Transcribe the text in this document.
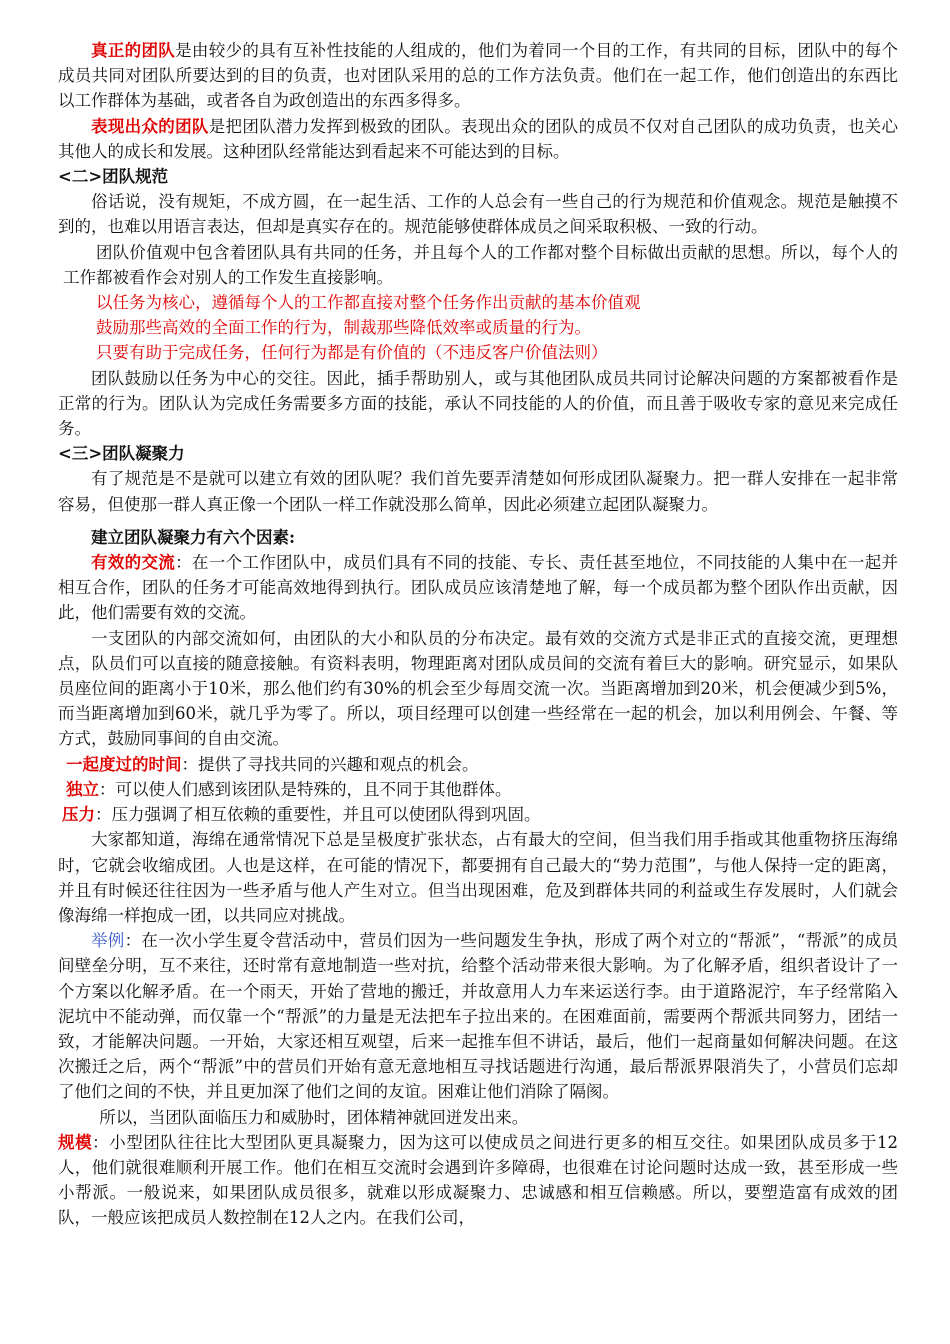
真正的团队是由较少的具有互补性技能的人组成的，他们为着同一个目的工作，有共同的目标，团队中的每个成员共同对团队所要达到的目的负责，也对团队采用的总的工作方法负责。他们在一起工作，他们创造出的东西比以工作群体为基础，或者各自为政创造出的东西多得多。

表现出众的团队是把团队潜力发挥到极致的团队。表现出众的团队的成员不仅对自己团队的成功负责，也关心其他人的成长和发展。这种团队经常能达到看起来不可能达到的目标。

<二>团队规范

俗话说，没有规矩，不成方圆，在一起生活、工作的人总会有一些自己的行为规范和价值观念。规范是触摸不到的，也难以用语言表达，但却是真实存在的。规范能够使群体成员之间采取积极、一致的行动。

团队价值观中包含着团队具有共同的任务，并且每个人的工作都对整个目标做出贡献的思想。所以，每个人的工作都被看作会对别人的工作发生直接影响。

以任务为核心，遵循每个人的工作都直接对整个任务作出贡献的基本价值观

鼓励那些高效的全面工作的行为，制裁那些降低效率或质量的行为。

只要有助于完成任务，任何行为都是有价值的（不违反客户价值法则）

团队鼓励以任务为中心的交往。因此，插手帮助别人，或与其他团队成员共同讨论解决问题的方案都被看作是正常的行为。团队认为完成任务需要多方面的技能，承认不同技能的人的价值，而且善于吸收专家的意见来完成任务。

<三>团队凝聚力

有了规范是不是就可以建立有效的团队呢？我们首先要弄清楚如何形成团队凝聚力。把一群人安排在一起非常容易，但使那一群人真正像一个团队一样工作就没那么简单，因此必须建立起团队凝聚力。

建立团队凝聚力有六个因素:

有效的交流：在一个工作团队中，成员们具有不同的技能、专长、责任甚至地位，不同技能的人集中在一起并相互合作，团队的任务才可能高效地得到执行。团队成员应该清楚地了解，每一个成员都为整个团队作出贡献，因此，他们需要有效的交流。

一支团队的内部交流如何，由团队的大小和队员的分布决定。最有效的交流方式是非正式的直接交流，更理想点，队员们可以直接的随意接触。有资料表明，物理距离对团队成员间的交流有着巨大的影响。研究显示，如果队员座位间的距离小于10米，那么他们约有30%的机会至少每周交流一次。当距离增加到20米，机会便减少到5%，而当距离增加到60米，就几乎为零了。所以，项目经理可以创建一些经常在一起的机会，加以利用例会、午餐、等方式，鼓励同事间的自由交流。

一起度过的时间：提供了寻找共同的兴趣和观点的机会。

独立：可以使人们感到该团队是特殊的，且不同于其他群体。

压力：压力强调了相互依赖的重要性，并且可以使团队得到巩固。

大家都知道，海绵在通常情况下总是呈极度扩张状态，占有最大的空间，但当我们用手指或其他重物挤压海绵时，它就会收缩成团。人也是这样，在可能的情况下，都要拥有自己最大的“势力范围”，与他人保持一定的距离，并且有时候还往往因为一些矛盾与他人产生对立。但当出现困难，危及到群体共同的利益或生存发展时，人们就会像海绵一样抱成一团，以共同应对挑战。

举例：在一次小学生夏令营活动中，营员们因为一些问题发生争执，形成了两个对立的“帮派”，“帮派”的成员间壁垒分明，互不来往，还时常有意地制造一些对抗，给整个活动带来很大影响。为了化解矛盾，组织者设计了一个方案以化解矛盾。在一个雨天，开始了营地的搬迁，并故意用人力车来运送行李。由于道路泥泞，车子经常陷入泥坑中不能动弹，而仅靠一个“帮派”的力量是无法把车子拉出来的。在困难面前，需要两个帮派共同努力，团结一致，才能解决问题。一开始，大家还相互观望，后来一起推车但不讲话，最后，他们一起商量如何解决问题。在这次搬迁之后，两个“帮派”中的营员们开始有意无意地相互寻找话题进行沟通，最后帮派界限消失了，小营员们忘却了他们之间的不快，并且更加深了他们之间的友谊。困难让他们消除了隔阂。

所以，当团队面临压力和威胁时，团体精神就回迸发出来。

规模：小型团队往往比大型团队更具凝聚力，因为这可以使成员之间进行更多的相互交往。如果团队成员多于12人，他们就很难顺利开展工作。他们在相互交流时会遇到许多障碍，也很难在讨论问题时达成一致，甚至形成一些小帮派。一般说来，如果团队成员很多，就难以形成凝聚力、忠诚感和相互信赖感。所以，要塑造富有成效的团队，一般应该把成员人数控制在12人之内。在我们公司，
